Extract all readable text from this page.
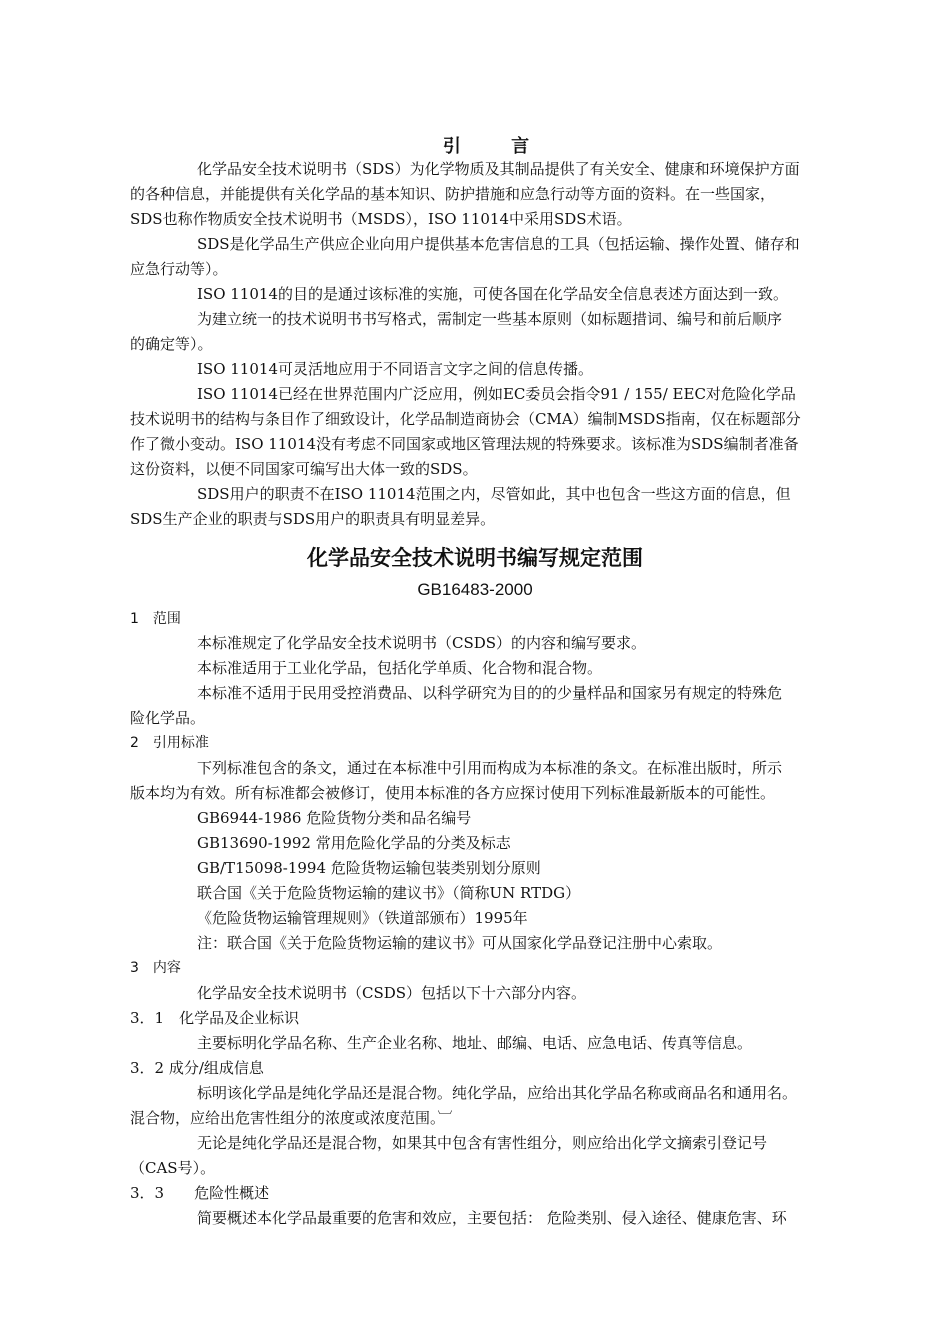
引 言
化学品安全技术说明书（SDS）为化学物质及其制品提供了有关安全、健康和环境保护方面
的各种信息，并能提供有关化学品的基本知识、防护措施和应急行动等方面的资料。在一些国家，
SDS也称作物质安全技术说明书（MSDS），ISO 11014中采用SDS术语。
SDS是化学品生产供应企业向用户提供基本危害信息的工具（包括运输、操作处置、储存和
应急行动等）。
ISO 11014的目的是通过该标准的实施，可使各国在化学品安全信息表述方面达到一致。
为建立统一的技术说明书书写格式，需制定一些基本原则（如标题措词、编号和前后顺序
的确定等）。
ISO 11014可灵活地应用于不同语言文字之间的信息传播。
ISO 11014已经在世界范围内广泛应用，例如EC委员会指令91 / 155/ EEC对危险化学品
技术说明书的结构与条目作了细致设计，化学品制造商协会（CMA）编制MSDS指南，仅在标题部分
作了微小变动。ISO 11014没有考虑不同国家或地区管理法规的特殊要求。该标准为SDS编制者准备
这份资料，以便不同国家可编写出大体一致的SDS。
SDS用户的职责不在ISO 11014范围之内，尽管如此，其中也包含一些这方面的信息，但
SDS生产企业的职责与SDS用户的职责具有明显差异。
化学品安全技术说明书编写规定范围
GB16483-2000
1　范围
本标准规定了化学品安全技术说明书（CSDS）的内容和编写要求。
本标准适用于工业化学品，包括化学单质、化合物和混合物。
本标准不适用于民用受控消费品、以科学研究为目的的少量样品和国家另有规定的特殊危
险化学品。
2　引用标准
下列标准包含的条文，通过在本标准中引用而构成为本标准的条文。在标准出版时，所示
版本均为有效。所有标准都会被修订，使用本标准的各方应探讨使用下列标准最新版本的可能性。
GB6944-1986 危险货物分类和品名编号
GB13690-1992 常用危险化学品的分类及标志
GB/T15098-1994 危险货物运输包装类别划分原则
联合国《关于危险货物运输的建议书》（简称UN RTDG）
《危险货物运输管理规则》（铁道部颁布）1995年
注：联合国《关于危险货物运输的建议书》可从国家化学品登记注册中心索取。
3　内容
化学品安全技术说明书（CSDS）包括以下十六部分内容。
3．1　化学品及企业标识
主要标明化学品名称、生产企业名称、地址、邮编、电话、应急电话、传真等信息。
3．2 成分/组成信息
标明该化学品是纯化学品还是混合物。纯化学品，应给出其化学品名称或商品名和通用名。
混合物，应给出危害性组分的浓度或浓度范围。︺
无论是纯化学品还是混合物，如果其中包含有害性组分，则应给出化学文摘索引登记号
（CAS号）。
3．3　　危险性概述
简要概述本化学品最重要的危害和效应，主要包括： 危险类别、侵入途径、健康危害、环
